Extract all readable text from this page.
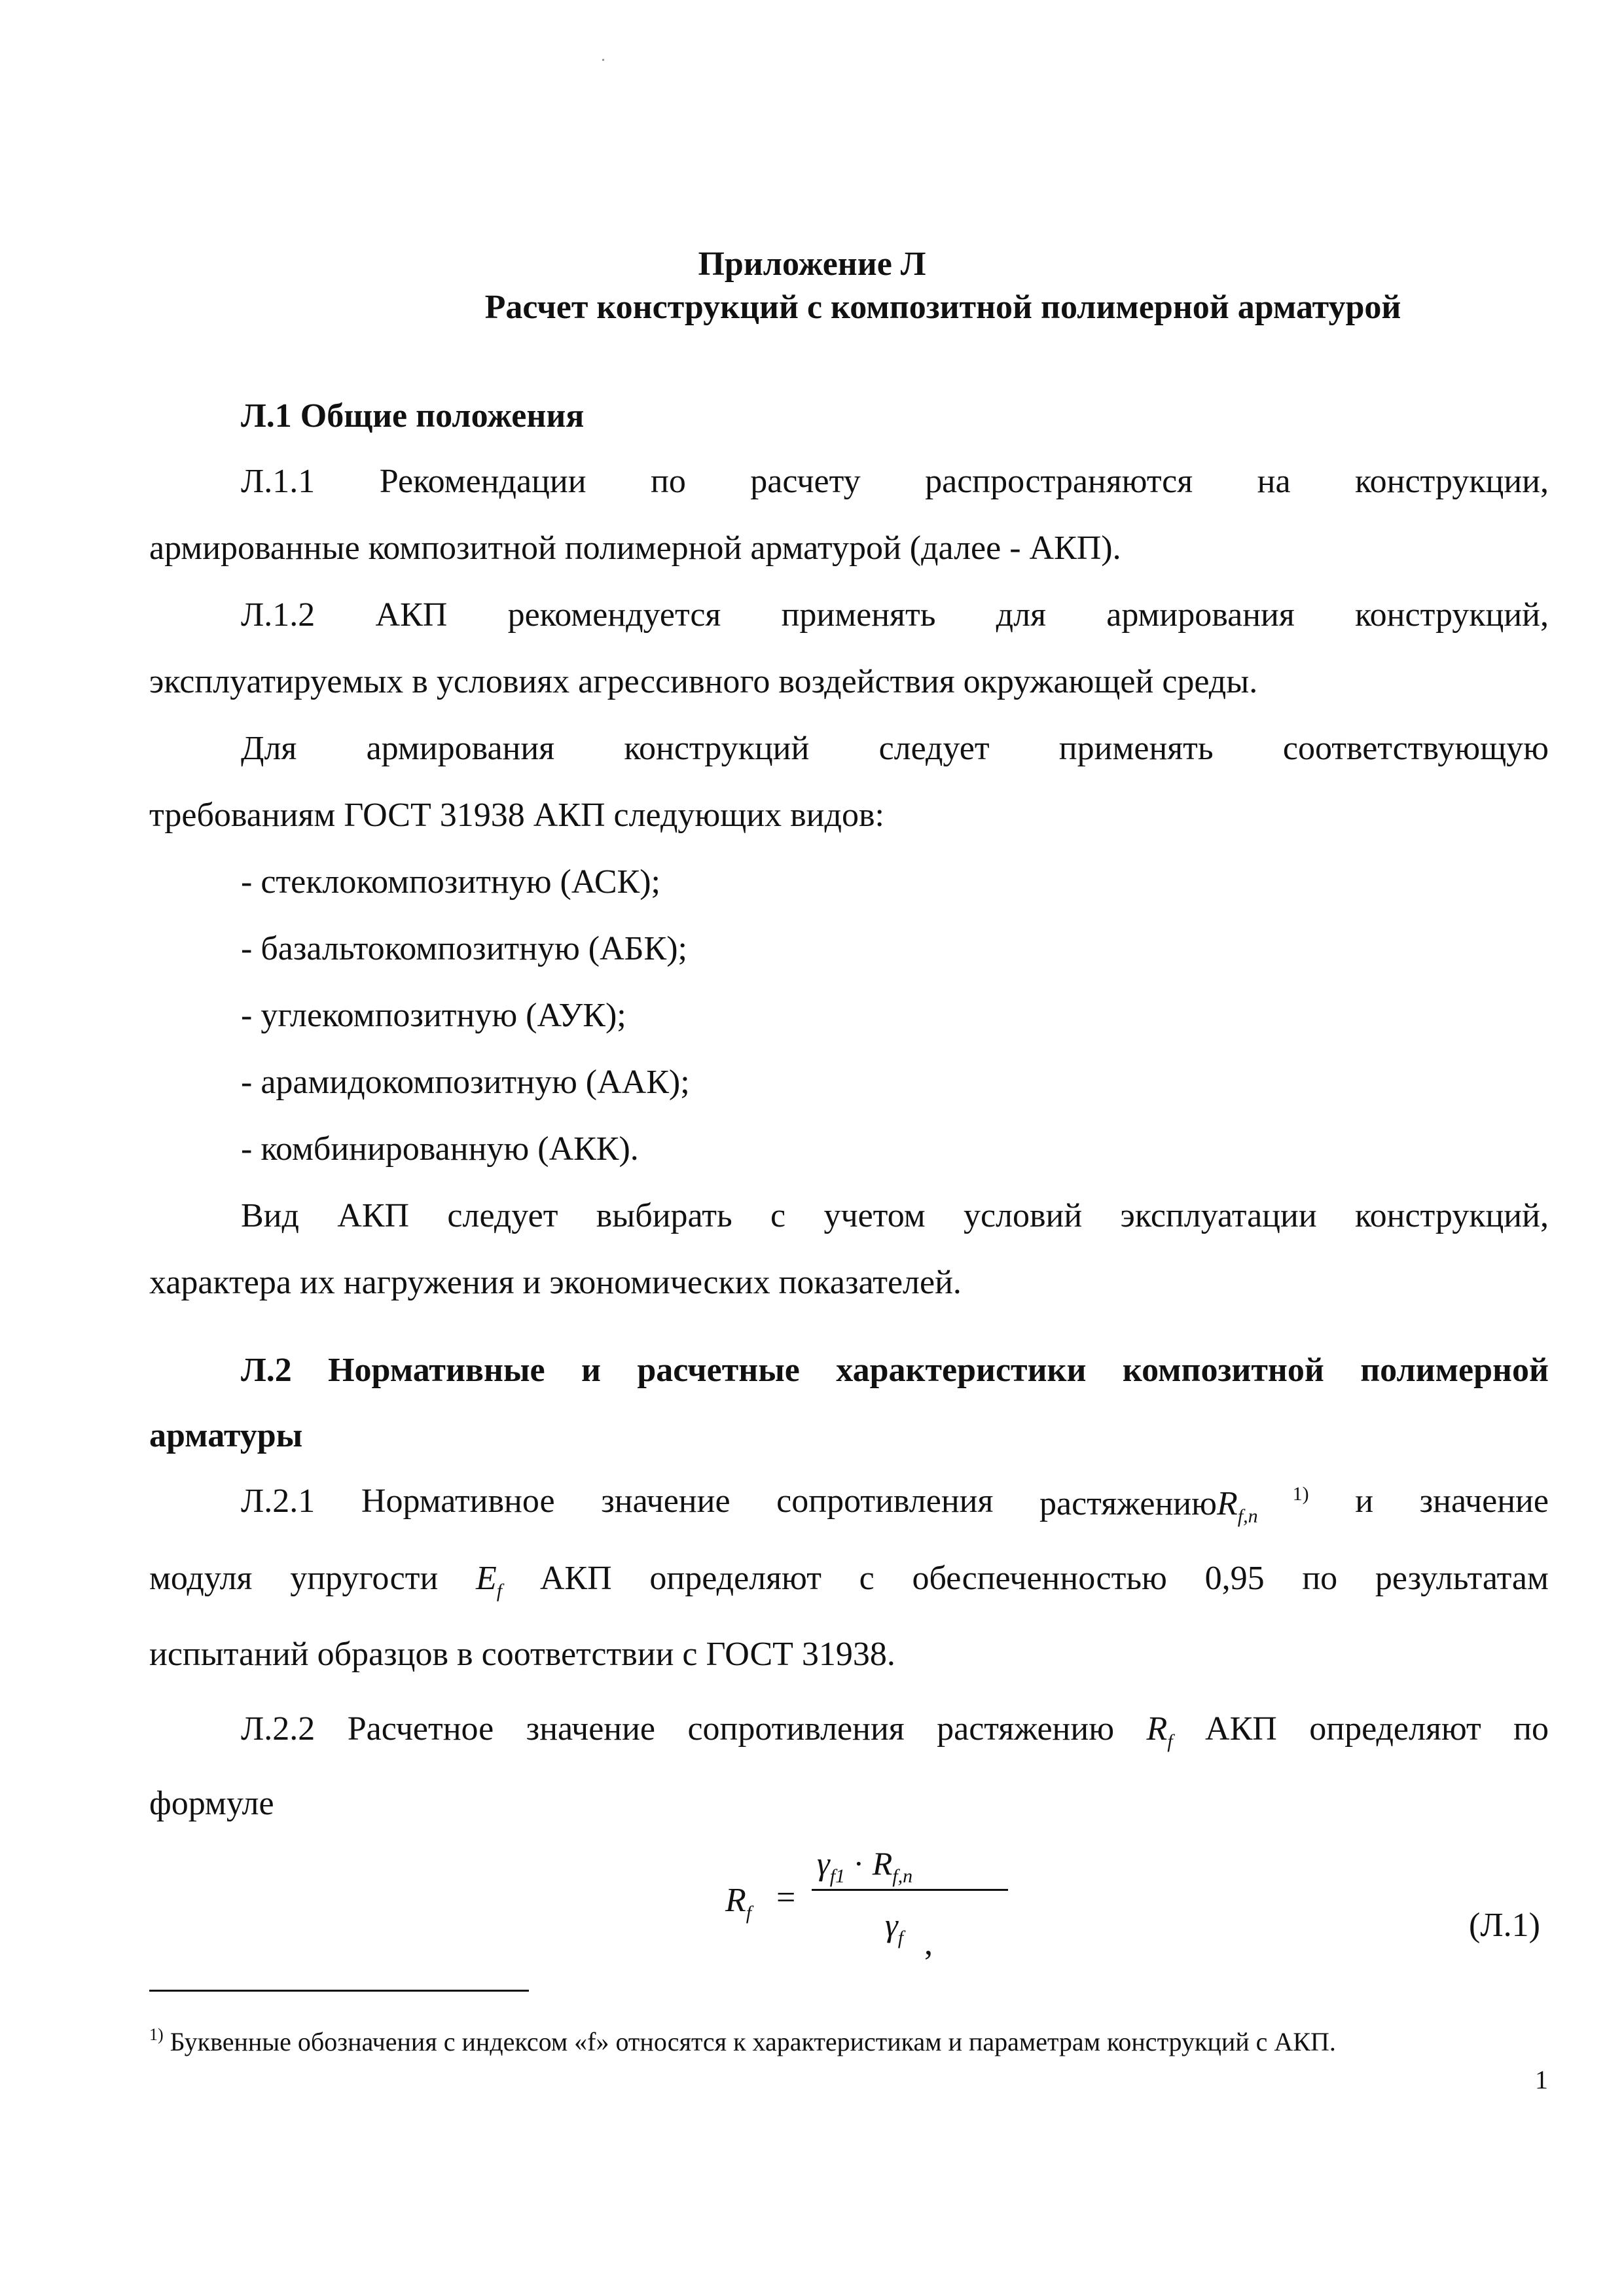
Приложение Л
Расчет конструкций с композитной полимерной арматурой
Л.1 Общие положения
Л.1.1 Рекомендации по расчету распространяются на конструкции,
армированные композитной полимерной арматурой (далее - АКП).
Л.1.2 АКП рекомендуется применять для армирования конструкций,
эксплуатируемых в условиях агрессивного воздействия окружающей среды.
Для армирования конструкций следует применять соответствующую
требованиям ГОСТ 31938 АКП следующих видов:
- стеклокомпозитную (АСК);
- базальтокомпозитную (АБК);
- углекомпозитную (АУК);
- арамидокомпозитную (ААК);
- комбинированную (АКК).
Вид АКП следует выбирать с учетом условий эксплуатации конструкций,
характера их нагружения и экономических показателей.
Л.2 Нормативные и расчетные характеристики композитной полимерной
арматуры
Л.2.1 Нормативное значение сопротивления растяжениюR$_{f,n}$ $^{1)}$ и значение
модуля упругости $E_f$ АКП определяют с обеспеченностью 0,95 по результатам
испытаний образцов в соответствии с ГОСТ 31938.
Л.2.2 Расчетное значение сопротивления растяжению $R_f$ АКП определяют по
формуле
$R_f$ =
$\gamma_{f1} \cdot R_{f,n}$
$\gamma_f$ ,	(Л.1)
$^{1)}$ Буквенные обозначения с индексом «f» относятся к характеристикам и параметрам конструкций с АКП.
1
